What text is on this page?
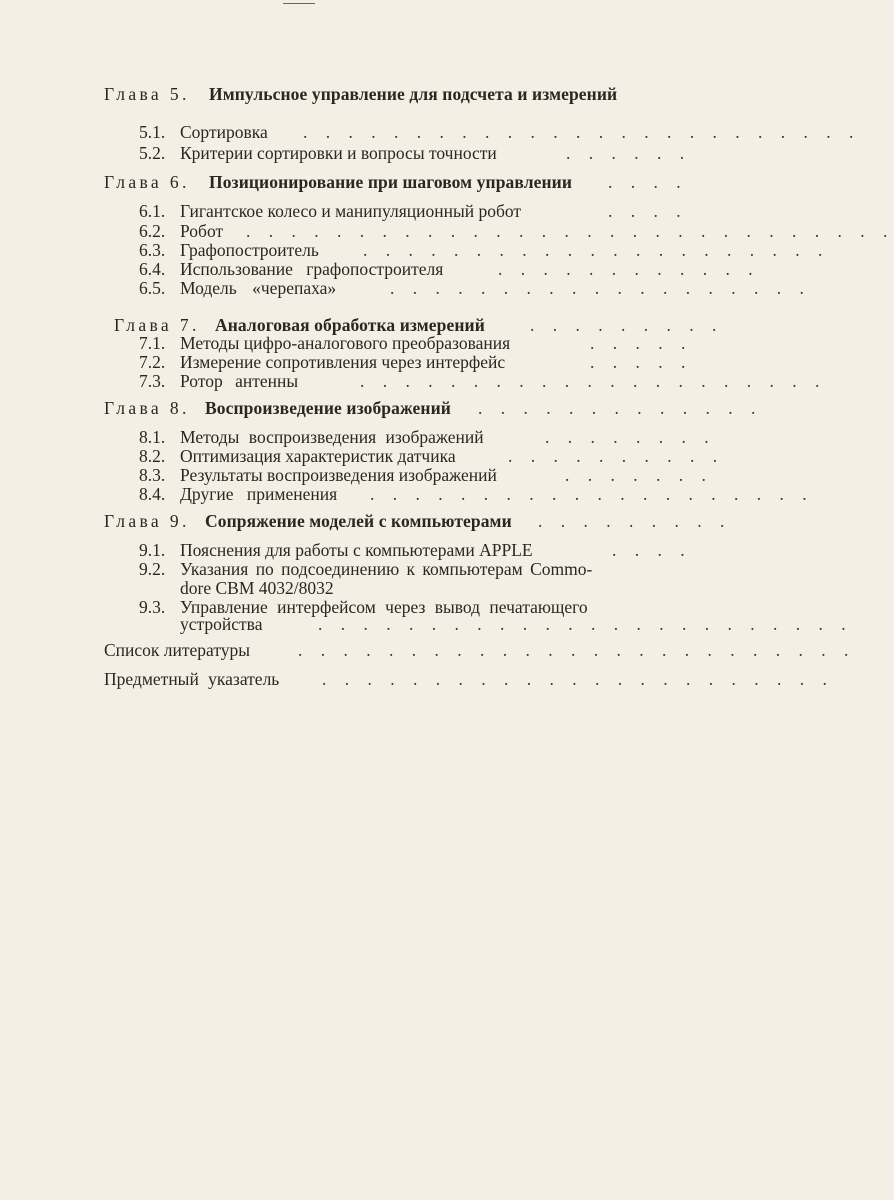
Глава 5. Импульсное управление для подсчета и измерений
5.1. Сортировка . . . . . . . . . . . . . . . . . . . . . . . . .
5.2. Критерии сортировки и вопросы точности	. . . . . .
Глава 6. Позиционирование при шаговом управлении . . . .
6.1. Гигантское колесо и манипуляционный робот	. . . .
6.2. Робот . . . . . . . . . . . . . . . . . . . . . . . . . . . . .
6.3. Графопостроитель	. . . . . . . . . . . . . . . . . . . . .
6.4. Использование графопостроителя	. . . . . . . . . . . .
6.5. Модель «черепаха»	. . . . . . . . . . . . . . . . . . .
Глава 7. Аналоговая обработка измерений	. . . . . . . . .
7.1. Методы цифро-аналогового преобразования	. . . . .
7.2. Измерение сопротивления через интерфейс	. . . . .
7.3. Ротор антенны	. . . . . . . . . . . . . . . . . . . . .
Глава 8. Воспроизведение изображений . . . . . . . . . . . . .
8.1. Методы воспроизведения изображений	. . . . . . . .
8.2. Оптимизация характеристик датчика	. . . . . . . . . .
8.3. Результаты воспроизведения изображений	. . . . . . .
8.4. Другие применения . . . . . . . . . . . . . . . . . . . .
Глава 9. Сопряжение моделей с компьютерами . . . . . . . . .
9.1. Пояснения для работы с компьютерами APPLE	. . . .
9.2. Указания по подсоединению к компьютерам Commo-
dore CBM 4032/8032
9.3. Управление интерфейсом через вывод печатающего
устройства	. . . . . . . . . . . . . . . . . . . . . . . .
Список литературы	. . . . . . . . . . . . . . . . . . . . . . . . .
Предметный указатель . . . . . . . . . . . . . . . . . . . . . . .
